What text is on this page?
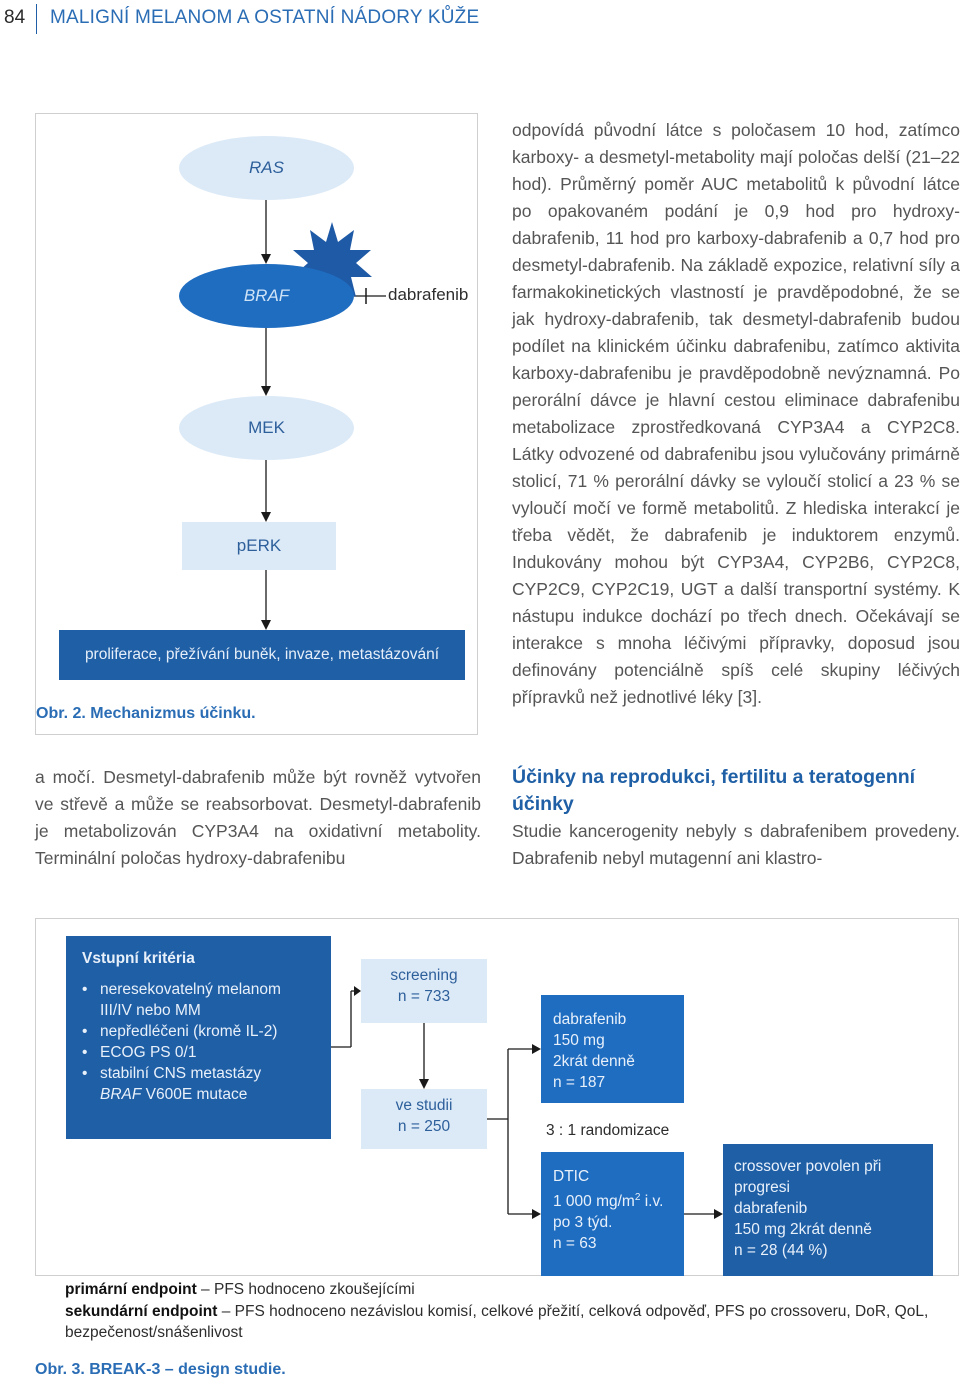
84 MALIGNÍ MELANOM A OSTATNÍ NÁDORY KŮŽE
RAS
BRAF
MEK
pERK
proliferace, přežívání buněk, invaze, metastázování
dabrafenib
Obr. 2. Mechanizmus účinku.
odpovídá původní látce s poločasem 10 hod, zatímco karboxy- a desmetyl-metabolity mají poločas delší (21–22 hod). Průměrný poměr AUC metabolitů k původní látce po opakovaném podání je 0,9 hod pro hydroxy-dabrafenib, 11 hod pro karboxy-dabrafenib a 0,7 hod pro desmetyl-dabrafenib. Na základě expozice, relativní síly a farmakokinetických vlastností je pravděpodobné, že se jak hydroxy-dabrafenib, tak desmetyl-dabrafenib budou podílet na klinickém účinku dabrafenibu, zatímco aktivita karboxy-dabrafenibu je pravděpodobně nevýznamná. Po perorální dávce je hlavní cestou eliminace dabrafenibu metabolizace zprostředkovaná CYP3A4 a CYP2C8. Látky odvozené od dabrafenibu jsou vylučovány primárně stolicí, 71 % perorální dávky se vyloučí stolicí a 23 % se vyloučí močí ve formě metabolitů. Z hlediska interakcí je třeba vědět, že dabrafenib je induktorem enzymů. Indukovány mohou být CYP3A4, CYP2B6, CYP2C8, CYP2C9, CYP2C19, UGT a další transportní systémy. K nástupu indukce dochází po třech dnech. Očekávají se interakce s mnoha léčivými přípravky, doposud jsou definovány potenciálně spíš celé skupiny léčivých přípravků než jednotlivé léky [3].
a močí. Desmetyl-dabrafenib může být rovněž vytvořen ve střevě a může se reabsorbovat. Desmetyl-dabrafenib je metabolizován CYP3A4 na oxidativní metabolity. Terminální poločas hydroxy-dabrafenibu
Účinky na reprodukci, fertilitu a teratogenní účinky
Studie kancerogenity nebyly s dabrafenibem provedeny. Dabrafenib nebyl mutagenní ani klastro-
Vstupní kritéria
• neresekovatelný melanom
III/IV nebo MM
• nepředléčeni (kromě IL-2)
• ECOG PS 0/1
• stabilní CNS metastázy
BRAF V600E mutace
screening
n = 733
ve studii
n = 250
dabrafenib
150 mg
2krát denně
n = 187
3 : 1 randomizace
DTIC
1 000 $mg/m^2$ i.v.
po 3 týd.
n = 63
crossover povolen při progresi
dabrafenib
150 mg 2krát denně
n = 28 (44 %)
primární endpoint – PFS hodnoceno zkoušejícími
sekundární endpoint – PFS hodnoceno nezávislou komisí, celkové přežití, celková odpověď, PFS po crossoveru, DoR, QoL, bezpečenost/snášenlivost
Obr. 3. BREAK-3 – design studie.
